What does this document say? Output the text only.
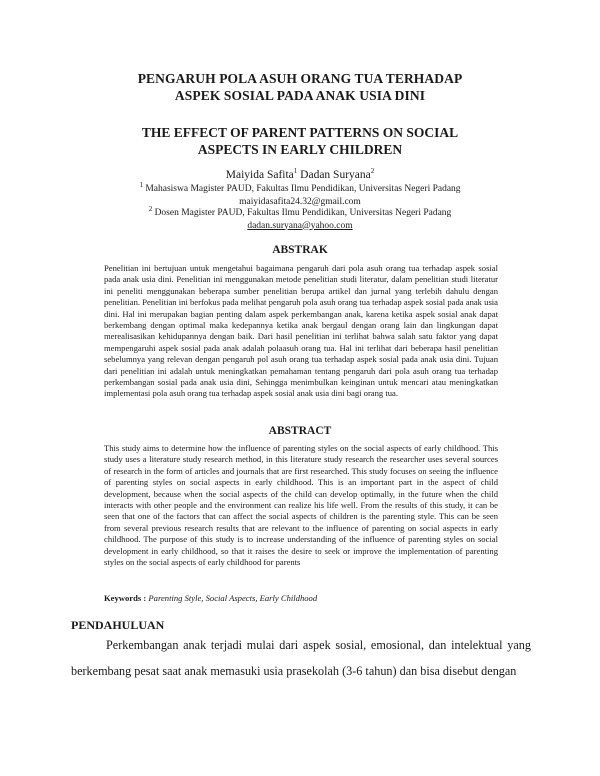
PENGARUH POLA ASUH ORANG TUA TERHADAP
ASPEK SOSIAL PADA ANAK USIA DINI
THE EFFECT OF PARENT PATTERNS ON SOCIAL
ASPECTS IN EARLY CHILDREN
Maiyida Safita$^1$ Dadan Suryana$^2$
$^1$ Mahasiswa Magister PAUD, Fakultas Ilmu Pendidikan, Universitas Negeri Padang
maiyidasafita24.32@gmail.com
$^2$ Dosen Magister PAUD, Fakultas Ilmu Pendidikan, Universitas Negeri Padang
dadan.suryana@yahoo.com
ABSTRAK
Penelitian ini bertujuan untuk mengetahui bagaimana pengaruh dari pola asuh orang tua terhadap aspek sosial pada anak usia dini. Penelitian ini menggunakan metode penelitian studi literatur, dalam penelitian studi literatur ini peneliti menggunakan beberapa sumber penelitian berupa artikel dan jurnal yang terlebih dahulu dengan penelitian. Penelitian ini berfokus pada melihat pengaruh pola asuh orang tua terhadap aspek sosial pada anak usia dini. Hal ini merupakan bagian penting dalam aspek perkembangan anak, karena ketika aspek sosial anak dapat berkembang dengan optimal maka kedepannya ketika anak bergaul dengan orang lain dan lingkungan dapat merealisasikan kehidupannya dengan baik. Dari hasil penelitian ini terlihat bahwa salah satu faktor yang dapat mempengaruhi aspek sosial pada anak adalah polaasuh orang tua. Hal ini terlihat dari beberapa hasil penelitian sebelumnya yang relevan dengan pengaruh pol asuh orang tua terhadap aspek sosial pada anak usia dini. Tujuan dari penelitian ini adalah untuk meningkatkan pemahaman tentang pengaruh dari pola asuh orang tua terhadap perkembangan sosial pada anak usia dini, Sehingga menimbulkan keinginan untuk mencari atau meningkatkan implementasi pola asuh orang tua terhadap aspek sosial anak usia dini bagi orang tua.
ABSTRACT
This study aims to determine how the influence of parenting styles on the social aspects of early childhood. This study uses a literature study research method, in this literature study research the researcher uses several sources of research in the form of articles and journals that are first researched. This study focuses on seeing the influence of parenting styles on social aspects in early childhood. This is an important part in the aspect of child development, because when the social aspects of the child can develop optimally, in the future when the child interacts with other people and the environment can realize his life well. From the results of this study, it can be seen that one of the factors that can affect the social aspects of children is the parenting style. This can be seen from several previous research results that are relevant to the influence of parenting on social aspects in early childhood. The purpose of this study is to increase understanding of the influence of parenting styles on social development in early childhood, so that it raises the desire to seek or improve the implementation of parenting styles on the social aspects of early childhood for parents
Keywords : Parenting Style, Social Aspects, Early Childhood
PENDAHULUAN
Perkembangan anak terjadi mulai dari aspek sosial, emosional, dan intelektual yang berkembang pesat saat anak memasuki usia prasekolah (3-6 tahun) dan bisa disebut dengan
